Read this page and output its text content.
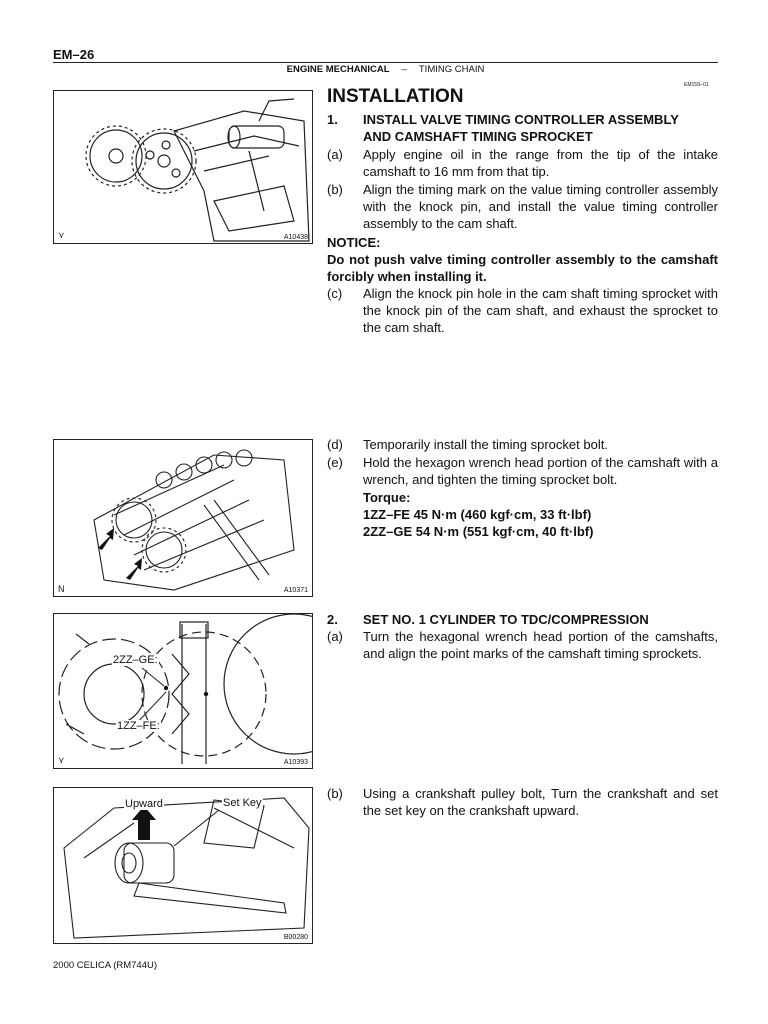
EM–26
ENGINE MECHANICAL – TIMING CHAIN
EM15S–01
INSTALLATION
⋎	A10438
N	A10371
2ZZ–GE:
1ZZ–FE:
⋎	A10393
Upward	Set Key
B00280
1. INSTALL VALVE TIMING CONTROLLER ASSEMBLY
AND CAMSHAFT TIMING SPROCKET
(a) Apply engine oil in the range from the tip of the intake camshaft to 16 mm from that tip.
(b) Align the timing mark on the value timing controller assembly with the knock pin, and install the value timing controller assembly to the cam shaft.
NOTICE:
Do not push valve timing controller assembly to the camshaft forcibly when installing it.
(c) Align the knock pin hole in the cam shaft timing sprocket with the knock pin of the cam shaft, and exhaust the sprocket to the cam shaft.
(d) Temporarily install the timing sprocket bolt.
(e) Hold the hexagon wrench head portion of the camshaft with a wrench, and tighten the timing sprocket bolt.
Torque:
1ZZ–FE 45 N·m (460 kgf·cm, 33 ft·lbf)
2ZZ–GE 54 N·m (551 kgf·cm, 40 ft·lbf)
2. SET NO. 1 CYLINDER TO TDC/COMPRESSION
(a) Turn the hexagonal wrench head portion of the camshafts, and align the point marks of the camshaft timing sprockets.
(b) Using a crankshaft pulley bolt, Turn the crankshaft and set the set key on the crankshaft upward.
2000 CELICA (RM744U)
